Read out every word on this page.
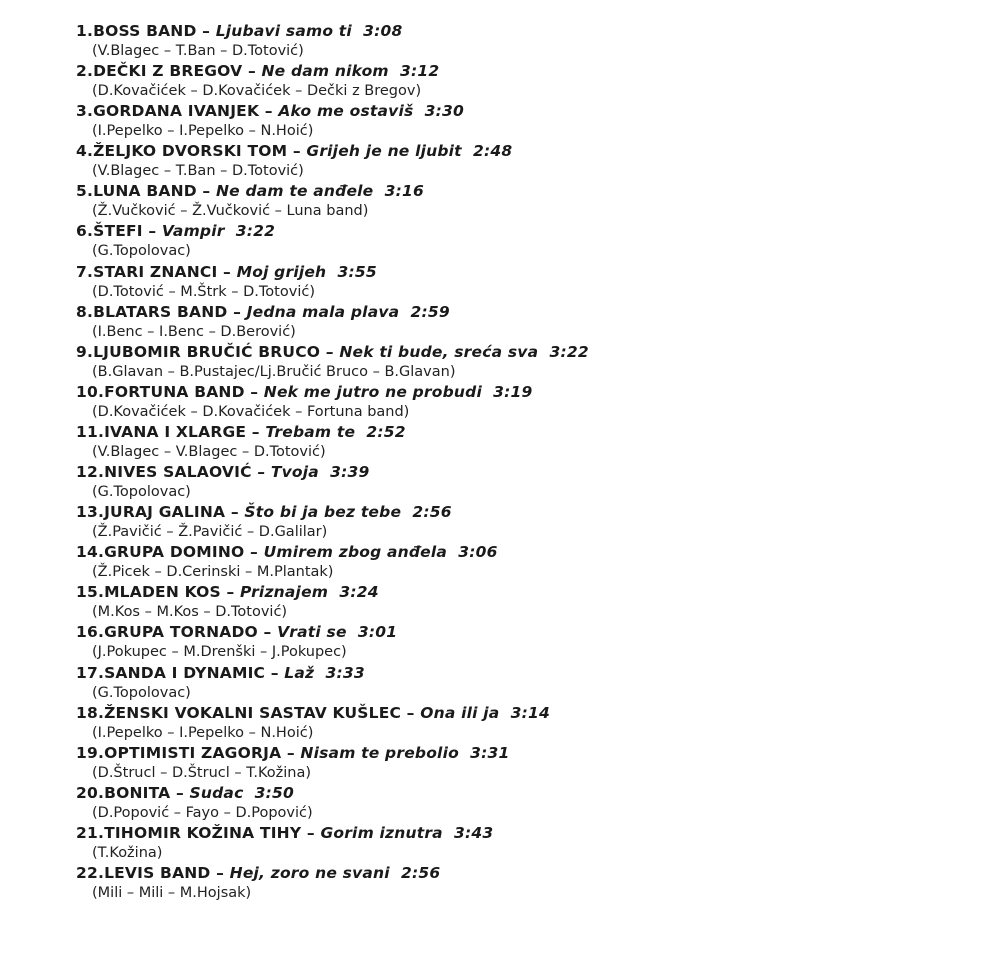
1.BOSS BAND – Ljubavi samo ti 3:08
(V.Blagec – T.Ban – D.Totović)
2.DEČKI Z BREGOV – Ne dam nikom 3:12
(D.Kovačićek – D.Kovačićek – Dečki z Bregov)
3.GORDANA IVANJEK – Ako me ostaviš 3:30
(I.Pepelko – I.Pepelko – N.Hoić)
4.ŽELJKO DVORSKI TOM – Grijeh je ne ljubit 2:48
(V.Blagec – T.Ban – D.Totović)
5.LUNA BAND – Ne dam te anđele 3:16
(Ž.Vučković – Ž.Vučković – Luna band)
6.ŠTEFI – Vampir 3:22
(G.Topolovac)
7.STARI ZNANCI – Moj grijeh 3:55
(D.Totović – M.Štrk – D.Totović)
8.BLATARS BAND – Jedna mala plava 2:59
(I.Benc – I.Benc – D.Berović)
9.LJUBOMIR BRUČIĆ BRUCO – Nek ti bude, sreća sva 3:22
(B.Glavan – B.Pustajec/Lj.Bručić Bruco – B.Glavan)
10.FORTUNA BAND – Nek me jutro ne probudi 3:19
(D.Kovačićek – D.Kovačićek – Fortuna band)
11.IVANA I XLARGE – Trebam te 2:52
(V.Blagec – V.Blagec – D.Totović)
12.NIVES SALAOVIĆ – Tvoja 3:39
(G.Topolovac)
13.JURAJ GALINA – Što bi ja bez tebe 2:56
(Ž.Pavičić – Ž.Pavičić – D.Galilar)
14.GRUPA DOMINO – Umirem zbog anđela 3:06
(Ž.Picek – D.Cerinski – M.Plantak)
15.MLADEN KOS – Priznajem 3:24
(M.Kos – M.Kos – D.Totović)
16.GRUPA TORNADO – Vrati se 3:01
(J.Pokupec – M.Drenški – J.Pokupec)
17.SANDA I DYNAMIC – Laž 3:33
(G.Topolovac)
18.ŽENSKI VOKALNI SASTAV KUŠLEC – Ona ili ja 3:14
(I.Pepelko – I.Pepelko – N.Hoić)
19.OPTIMISTI ZAGORJA – Nisam te prebolio 3:31
(D.Štrucl – D.Štrucl – T.Kožina)
20.BONITA – Sudac 3:50
(D.Popović – Fayo – D.Popović)
21.TIHOMIR KOŽINA TIHY – Gorim iznutra 3:43
(T.Kožina)
22.LEVIS BAND – Hej, zoro ne svani 2:56
(Mili – Mili – M.Hojsak)
